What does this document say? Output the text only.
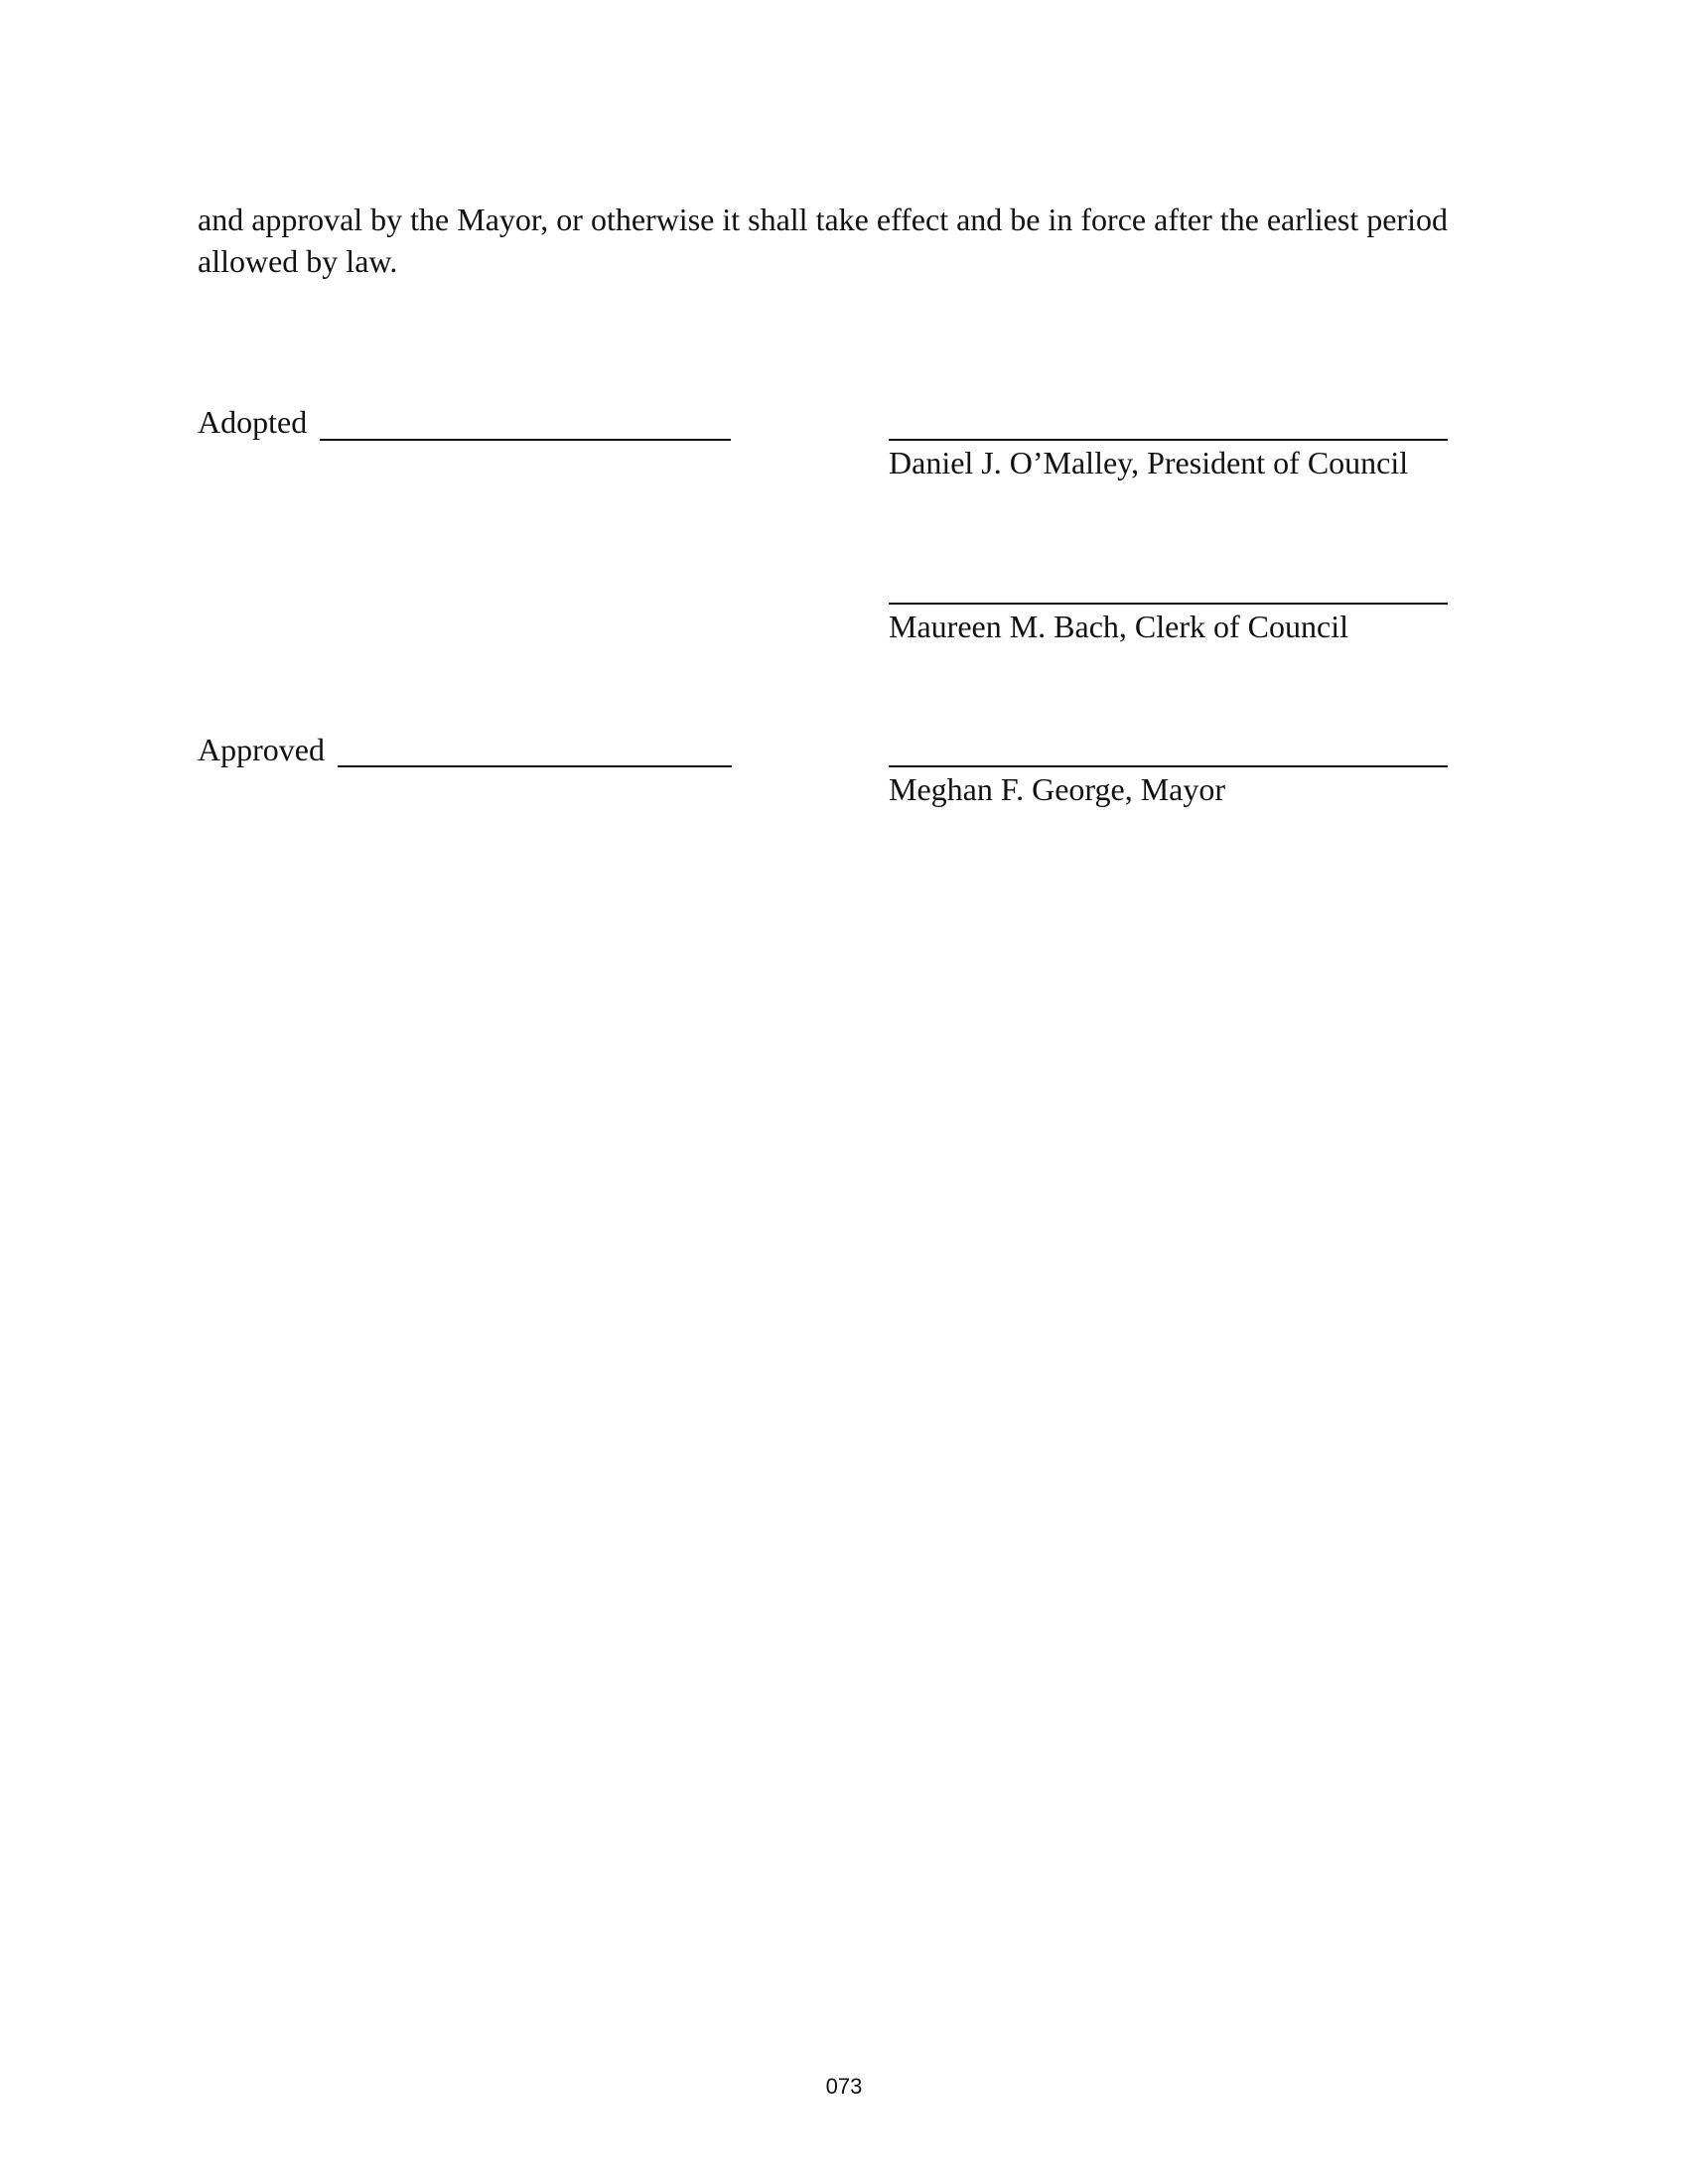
and approval by the Mayor, or otherwise it shall take effect and be in force after the earliest period allowed by law.

Adopted
Daniel J. O’Malley, President of Council
Maureen M. Bach, Clerk of Council
Approved
Meghan F. George, Mayor
073
